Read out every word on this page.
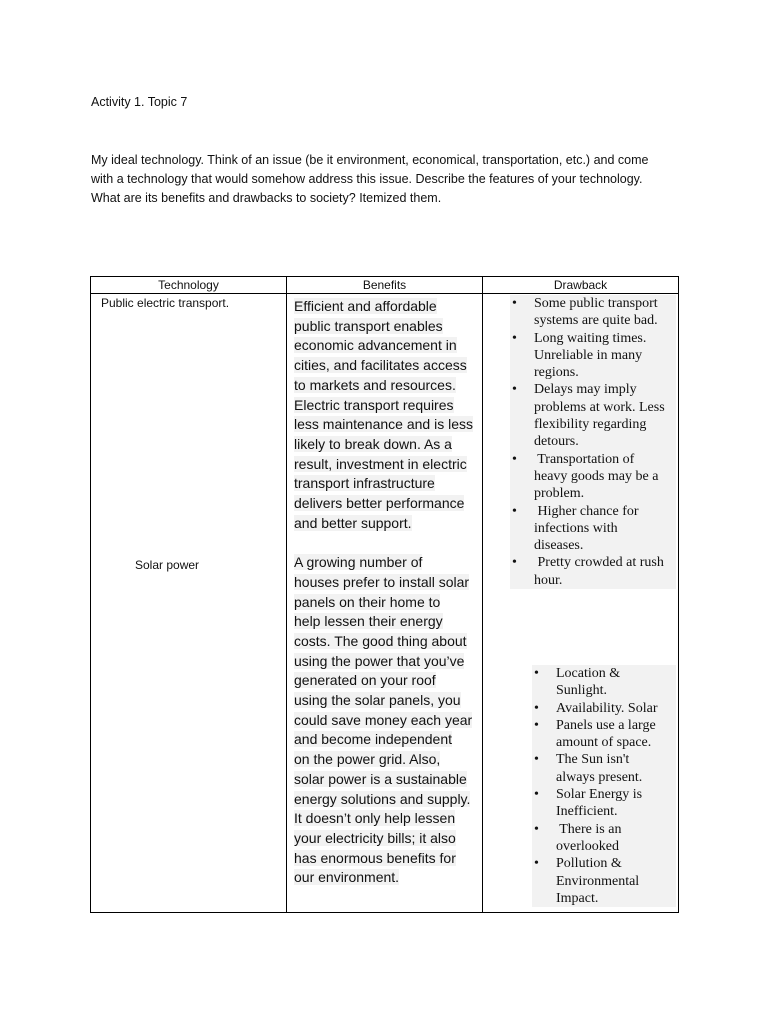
Activity 1. Topic 7
My ideal technology. Think of an issue (be it environment, economical, transportation, etc.) and come
with a technology that would somehow address this issue. Describe the features of your technology.
What are its benefits and drawbacks to society? Itemized them.
Technology	Benefits	Drawback
Public electric transport.
Solar power

Efficient and affordable

public transport enables

economic advancement in

cities, and facilitates access

to markets and resources.

Electric transport requires

less maintenance and is less

likely to break down. As a

result, investment in electric

transport infrastructure

delivers better performance

and better support.

A growing number of

houses prefer to install solar

panels on their home to

help lessen their energy

costs. The good thing about

using the power that you’ve

generated on your roof

using the solar panels, you

could save money each year

and become independent

on the power grid. Also,

solar power is a sustainable

energy solutions and supply.

It doesn’t only help lessen

your electricity bills; it also

has enormous benefits for

our environment.

• Some public transport
systems are quite bad.
• Long waiting times.
Unreliable in many
regions.
• Delays may imply
problems at work. Less
flexibility regarding
detours.
•  Transportation of
heavy goods may be a
problem.
•  Higher chance for
infections with
diseases.
•  Pretty crowded at rush
hour.
• Location &
Sunlight.
• Availability. Solar
• Panels use a large
amount of space.
• The Sun isn't
always present.
• Solar Energy is
Inefficient.
•  There is an
overlooked
• Pollution &
Environmental
Impact.
